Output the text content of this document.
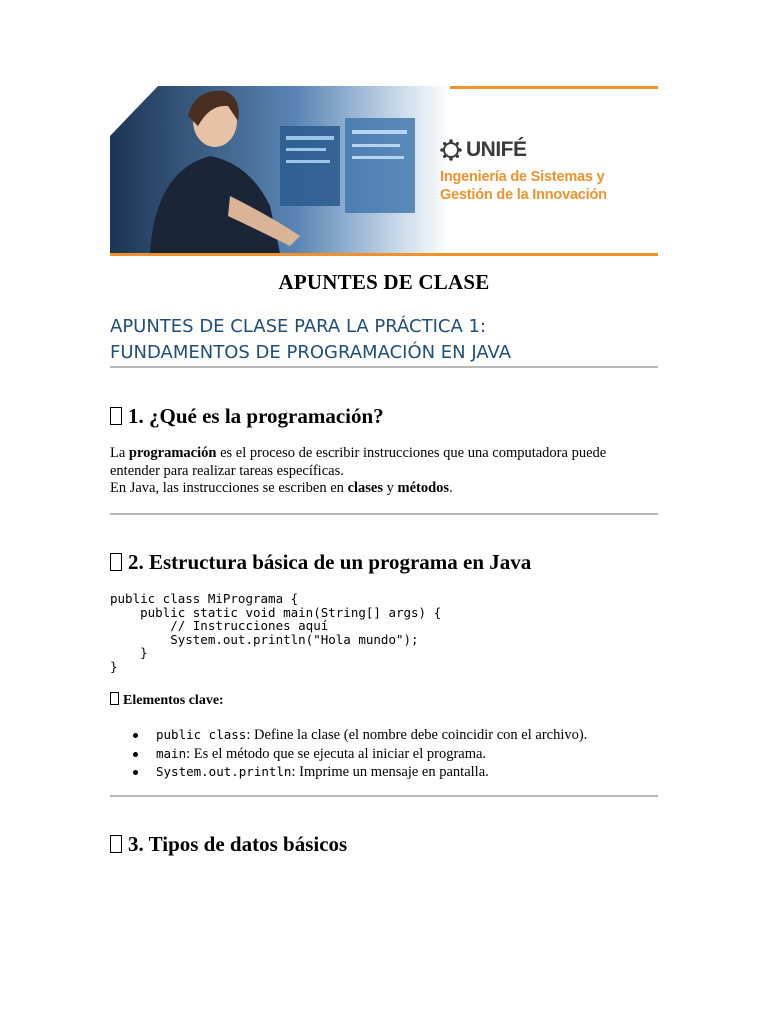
UNIFÉ
Ingeniería de Sistemas y
Gestión de la Innovación
APUNTES DE CLASE
APUNTES DE CLASE PARA LA PRÁCTICA 1:
FUNDAMENTOS DE PROGRAMACIÓN EN JAVA
1. ¿Qué es la programación?
La programación es el proceso de escribir instrucciones que una computadora puede
entender para realizar tareas específicas.
En Java, las instrucciones se escriben en clases y métodos.
2. Estructura básica de un programa en Java
public class MiPrograma {
public static void main(String[] args) {
// Instrucciones aquí
System.out.println("Hola mundo");
}
}
Elementos clave:
public class: Define la clase (el nombre debe coincidir con el archivo).
main: Es el método que se ejecuta al iniciar el programa.
System.out.println: Imprime un mensaje en pantalla.
3. Tipos de datos básicos
